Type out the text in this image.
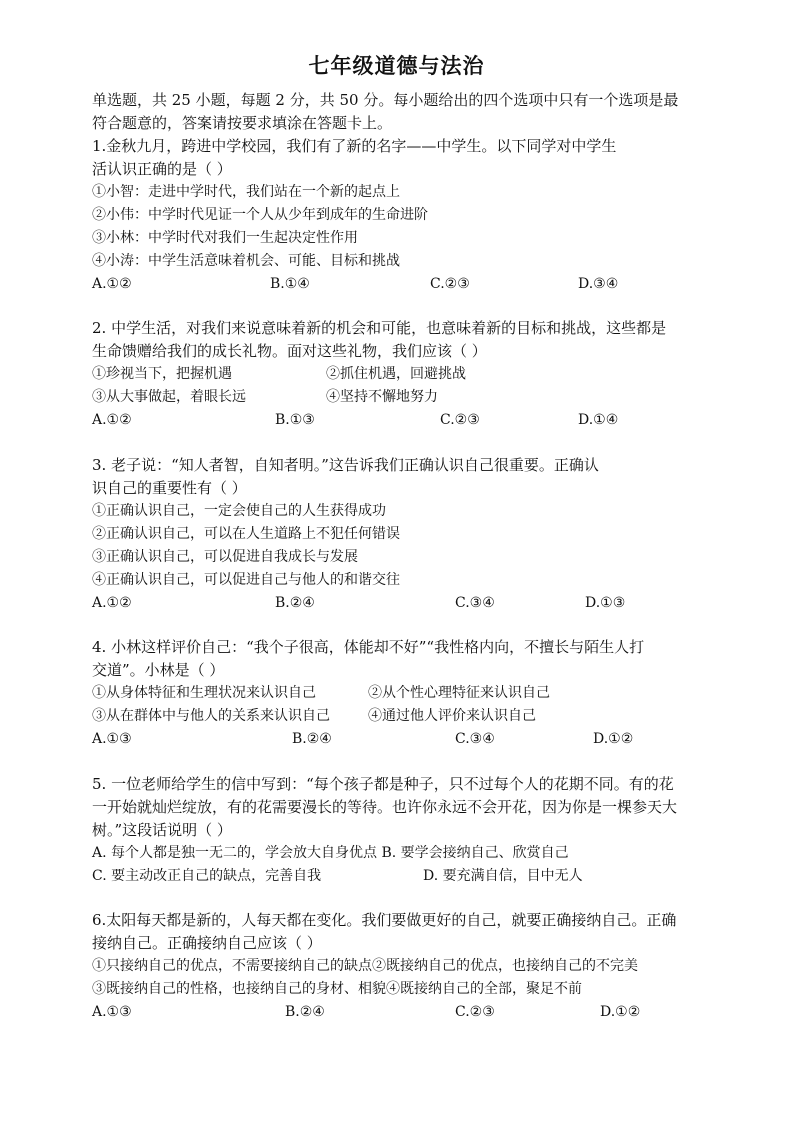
七年级道德与法治
单选题，共 25 小题，每题 2 分，共 50 分。每小题给出的四个选项中只有一个选项是最
符合题意的，答案请按要求填涂在答题卡上。
1.金秋九月，跨进中学校园，我们有了新的名字——中学生。以下同学对中学生
活认识正确的是（ ）
①小智：走进中学时代，我们站在一个新的起点上
②小伟：中学时代见证一个人从少年到成年的生命进阶
③小林：中学时代对我们一生起决定性作用
④小涛：中学生活意味着机会、可能、目标和挑战
A.①②	B.①④	C.②③	D.③④
2. 中学生活，对我们来说意味着新的机会和可能，也意味着新的目标和挑战，这些都是
生命馈赠给我们的成长礼物。面对这些礼物，我们应该（ ）
①珍视当下，把握机遇	②抓住机遇，回避挑战
③从大事做起，着眼长远	④坚持不懈地努力
A.①②	B.①③	C.②③	D.①④
3. 老子说：“知人者智，自知者明。”这告诉我们正确认识自己很重要。正确认
识自己的重要性有（ ）
①正确认识自己，一定会使自己的人生获得成功
②正确认识自己，可以在人生道路上不犯任何错误
③正确认识自己，可以促进自我成长与发展
④正确认识自己，可以促进自己与他人的和谐交往
A.①②	B.②④	C.③④	D.①③
4. 小林这样评价自己：“我个子很高，体能却不好”“我性格内向，不擅长与陌生人打
交道”。小林是（ ）
①从身体特征和生理状况来认识自己	②从个性心理特征来认识自己
③从在群体中与他人的关系来认识自己	④通过他人评价来认识自己
A.①③	B.②④	C.③④	D.①②
5. 一位老师给学生的信中写到：“每个孩子都是种子，只不过每个人的花期不同。有的花
一开始就灿烂绽放，有的花需要漫长的等待。也许你永远不会开花，因为你是一棵参天大
树。”这段话说明（ ）
A. 每个人都是独一无二的，学会放大自身优点 B. 要学会接纳自己、欣赏自己
C. 要主动改正自己的缺点，完善自我	D. 要充满自信，目中无人
6.太阳每天都是新的，人每天都在变化。我们要做更好的自己，就要正确接纳自己。正确
接纳自己。正确接纳自己应该（ ）
①只接纳自己的优点，不需要接纳自己的缺点②既接纳自己的优点，也接纳自己的不完美
③既接纳自己的性格，也接纳自己的身材、相貌④既接纳自己的全部，聚足不前
A.①③	B.②④	C.②③	D.①②
